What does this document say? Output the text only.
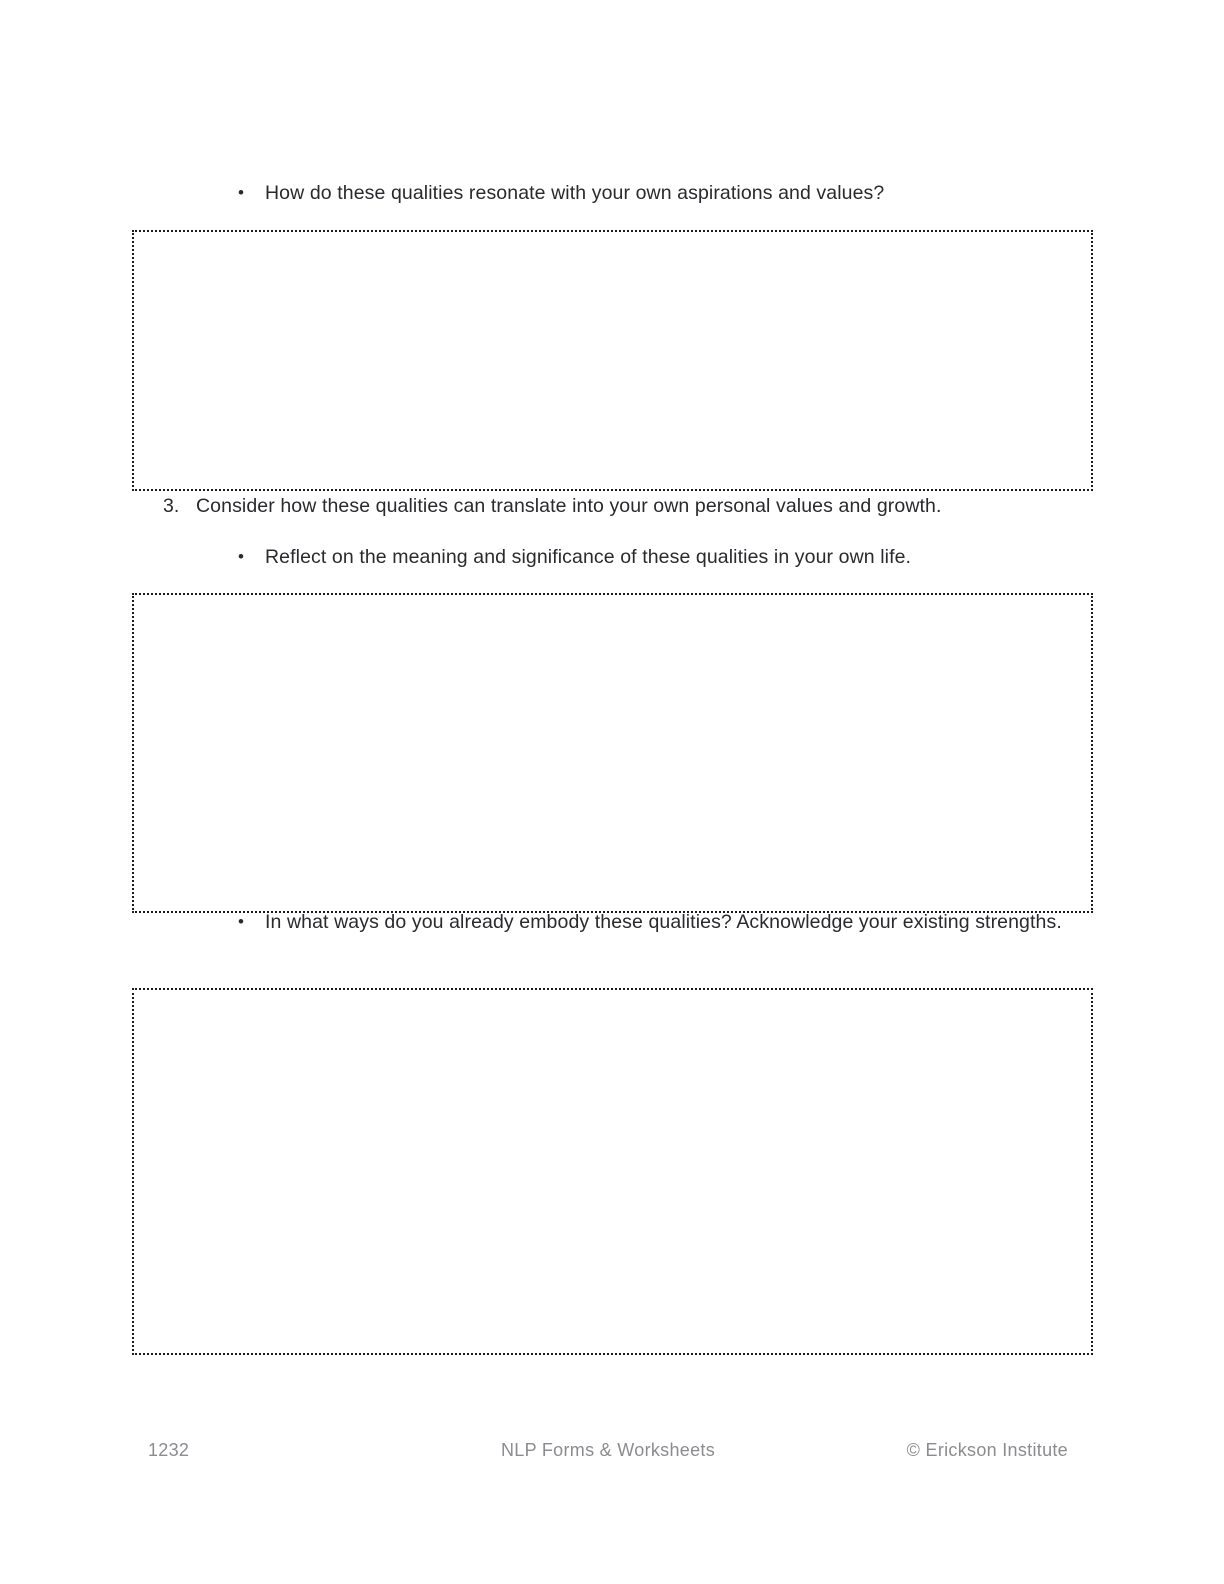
•	How do these qualities resonate with your own aspirations and values?
3. Consider how these qualities can translate into your own personal values and growth.
•	Reflect on the meaning and significance of these qualities in your own life.
•	In what ways do you already embody these qualities? Acknowledge your existing strengths.
1232	NLP Forms & Worksheets	© Erickson Institute
